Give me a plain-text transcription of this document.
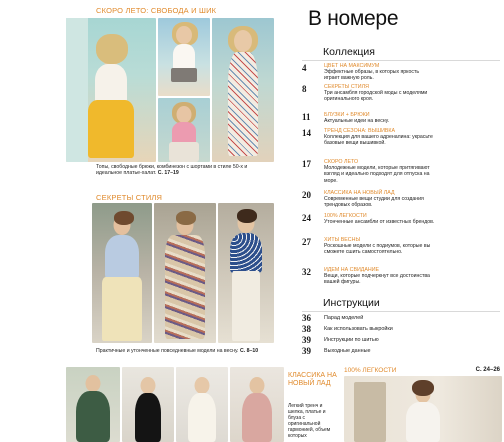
СКОРО ЛЕТО: СВОБОДА И ШИК
Топы, свободные брюки, комбинезон с шортами в стиле 50-х и идеальное платье-халат. С. 17–19
СЕКРЕТЫ СТИЛЯ
Практичные и утонченные повседневные модели на весну. С. 8–10
КЛАССИКА НА НОВЫЙ ЛАД
Легкий тренч и шелка, платье и блуза с оригинальной гармонией, объем которых
100% ЛЕГКОСТИ	С. 24–26
В номере
Коллекция
4	ЦВЕТ НА МАКСИМУМ
Эффектные образы, в которых яркость играет важную роль.
8	СЕКРЕТЫ СТИЛЯ
Три ансамбля городской моды с моделями оригинального кроя.
11	БЛУЗКИ + БРЮКИ
Актуальные идеи на весну.
14	ТРЕНД СЕЗОНА: ВЫШИВКА
Коллекция для вашего адреналина: украсьте базовые вещи вышивкой.
17	СКОРО ЛЕТО
Молодежные модели, которые притягивают взгляд и идеально подходят для отпуска на море.
20	КЛАССИКА НА НОВЫЙ ЛАД
Современные вещи студии для создания трендовых образов.
24	100% ЛЕГКОСТИ
Утонченные ансамбли от известных брендов.
27	ХИТЫ ВЕСНЫ
Роскошные модели с подиумов, которые вы сможете сшить самостоятельно.
32	ИДЕМ НА СВИДАНИЕ
Вещи, которые подчеркнут все достоинства вашей фигуры.
Инструкции
36	Парад моделей
38	Как использовать выкройки
39	Инструкции по шитью
39	Выходные данные
